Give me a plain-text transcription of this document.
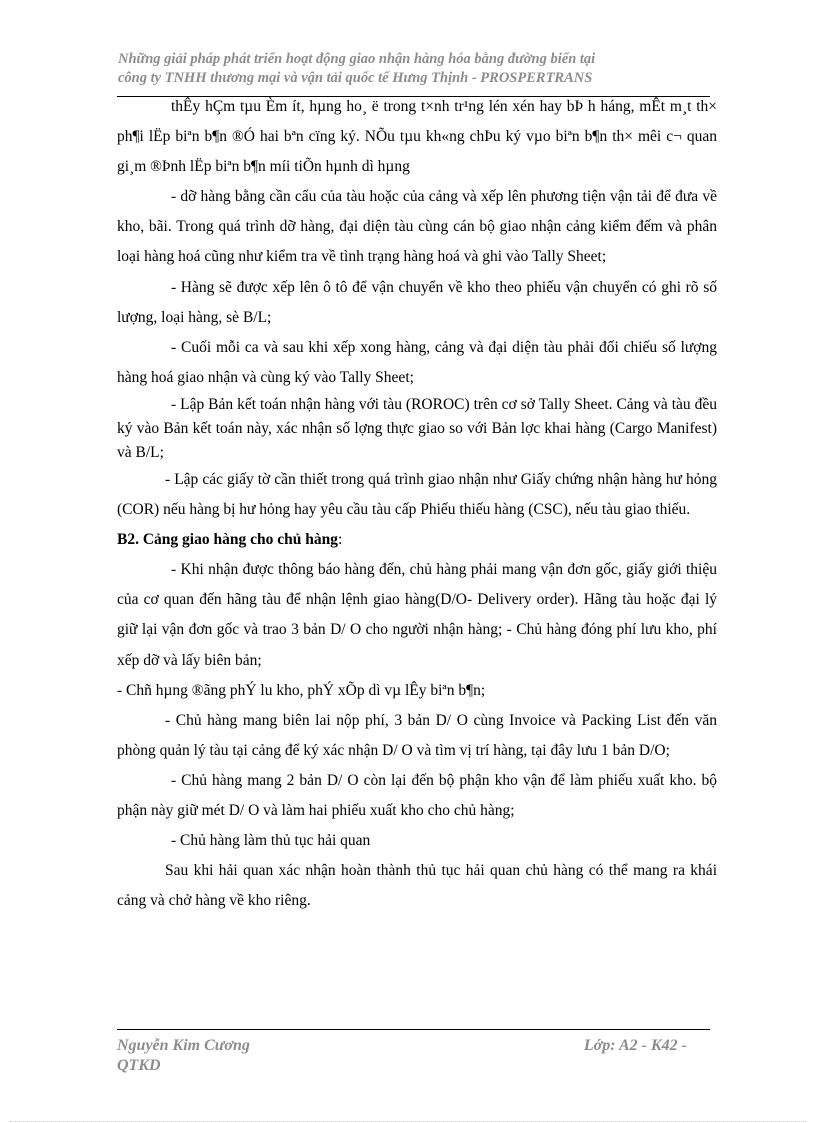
Những giải pháp phát triển hoạt động giao nhận hàng hóa bằng đường biển tại
công ty TNHH thương mại và vận tải quốc tế Hưng Thịnh - PROSPERTRANS

thÊy hÇm tµu Èm ít, hµng ho¸ ë trong t×nh tr¹ng lén xén hay bÞ h háng, mÊt m¸t th× ph¶i lËp biªn b¶n ®Ó hai bªn cïng ký. NÕu tµu kh«ng chÞu ký vµo biªn b¶n th× mêi c¬ quan gi¸m ®Þnh lËp biªn b¶n míi tiÕn hµnh dì hµng

- dỡ hàng bằng cần cẩu của tàu hoặc của cảng và xếp lên phương tiện vận tải để đưa về kho, bãi. Trong quá trình dỡ hàng, đại diện tàu cùng cán bộ giao nhận cảng kiểm đếm và phân loại hàng hoá cũng như kiểm tra về tình trạng hàng hoá và ghi vào Tally Sheet;

- Hàng sẽ được xếp lên ô tô để vận chuyển về kho theo phiếu vận chuyển có ghi rõ số lượng, loại hàng, sè B/L;

- Cuối mỗi ca và sau khi xếp xong hàng, cảng và đại diện tàu phải đối chiếu số lượng hàng hoá giao nhận và cùng ký vào Tally Sheet;

- Lập Bản kết toán nhận hàng với tàu (ROROC) trên cơ sở Tally Sheet. Cảng và tàu đều ký vào Bản kết toán này, xác nhận số lợng thực giao so với Bản lợc khai hàng (Cargo Manifest) và B/L;

- Lập các giấy tờ cần thiết trong quá trình giao nhận như Giấy chứng nhận hàng hư hỏng (COR) nếu hàng bị hư hỏng hay yêu cầu tàu cấp Phiếu thiếu hàng (CSC), nếu tàu giao thiếu.

B2. Cảng giao hàng cho chủ hàng:

- Khi nhận được thông báo hàng đến, chủ hàng phải mang vận đơn gốc, giấy giới thiệu của cơ quan đến hãng tàu để nhận lệnh giao hàng(D/O- Delivery order). Hãng tàu hoặc đại lý giữ lại vận đơn gốc và trao 3 bản D/ O cho người nhận hàng; - Chủ hàng đóng phí lưu kho, phí xếp dỡ và lấy biên bản;

- Chñ hµng ®ãng phÝ lu kho, phÝ xÕp dì vµ lÊy biªn b¶n;

- Chủ hàng mang biên lai nộp phí, 3 bản D/ O cùng Invoice và Packing List đến văn phòng quản lý tàu tại cảng để ký xác nhận D/ O và tìm vị trí hàng, tại đây lưu 1 bản D/O;

- Chủ hàng mang 2 bản D/ O còn lại đến bộ phận kho vận để làm phiếu xuất kho. bộ phận này giữ mét D/ O và làm hai phiếu xuất kho cho chủ hàng;

- Chủ hàng làm thủ tục hải quan

Sau khi hải quan xác nhận hoàn thành thủ tục hải quan chủ hàng có thể mang ra khái cảng và chở hàng về kho riêng.

Nguyễn Kim Cương	Lớp: A2 - K42 -
QTKD
